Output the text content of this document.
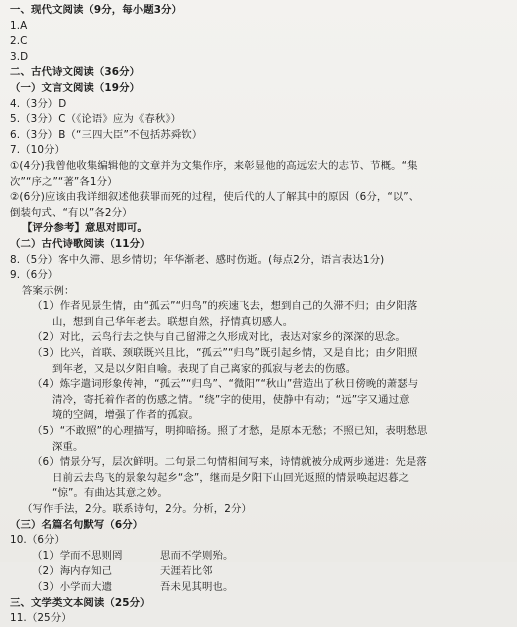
一、现代文阅读（9分，每小题3分）
1.A
2.C
3.D
二、古代诗文阅读（36分）
（一）文言文阅读（19分）
4.（3分）D
5.（3分）C（《论语》应为《春秋》）
6.（3分）B（“三四大臣”不包括苏舜钦）
7.（10分）
①(4分)我曾他收集编辑他的文章并为文集作序，来彰显他的高远宏大的志节、节概。“集
次”“序之”“著”各1分）
②(6分)应该由我详细叙述他获罪而死的过程，使后代的人了解其中的原因（6分，“以”、
倒装句式、“有以”各2分）
【评分参考】意思对即可。
（二）古代诗歌阅读（11分）
8.（5分）客中久滞、思乡情切；年华渐老、感时伤逝。(每点2分，语言表达1分)
9.（6分）
答案示例：
（1）作者见景生情，由“孤云”“归鸟”的疾速飞去，想到自己的久滞不归；由夕阳落
山，想到自己华年老去。联想自然，抒情真切感人。
（2）对比，云鸟行去之快与自己留滞之久形成对比，表达对家乡的深深的思念。
（3）比兴，首联、颈联既兴且比，“孤云”“归鸟”既引起乡情，又是自比；由夕阳照
到年老，又是以夕阳自喻。表现了自己离家的孤寂与老去的伤感。
（4）炼字遣词形象传神，“孤云”“归鸟”、“微阳”“秋山”营造出了秋日傍晚的萧瑟与
清冷，寄托着作者的伤感之情。“绕”字的使用，使静中有动；“远”字又通过意
境的空阔，增强了作者的孤寂。
（5）“不敢照”的心理描写，明抑暗扬。照了才愁，是原本无愁；不照已知，表明愁思
深重。
（6）情景分写，层次鲜明。二句景二句情相间写来，诗情就被分成两步递进：先是落
日前云去鸟飞的景象勾起乡“念”，继而是夕阳下山回光返照的情景唤起迟暮之
“惊”。有曲达其意之妙。
（写作手法，2分。联系诗句，2分。分析，2分）
（三）名篇名句默写（6分）
10.（6分）
（1）学而不思则罔	思而不学则殆。
（2）海内存知己	天涯若比邻
（3）小学而大遗	吾未见其明也。
三、文学类文本阅读（25分）
11.（25分）
